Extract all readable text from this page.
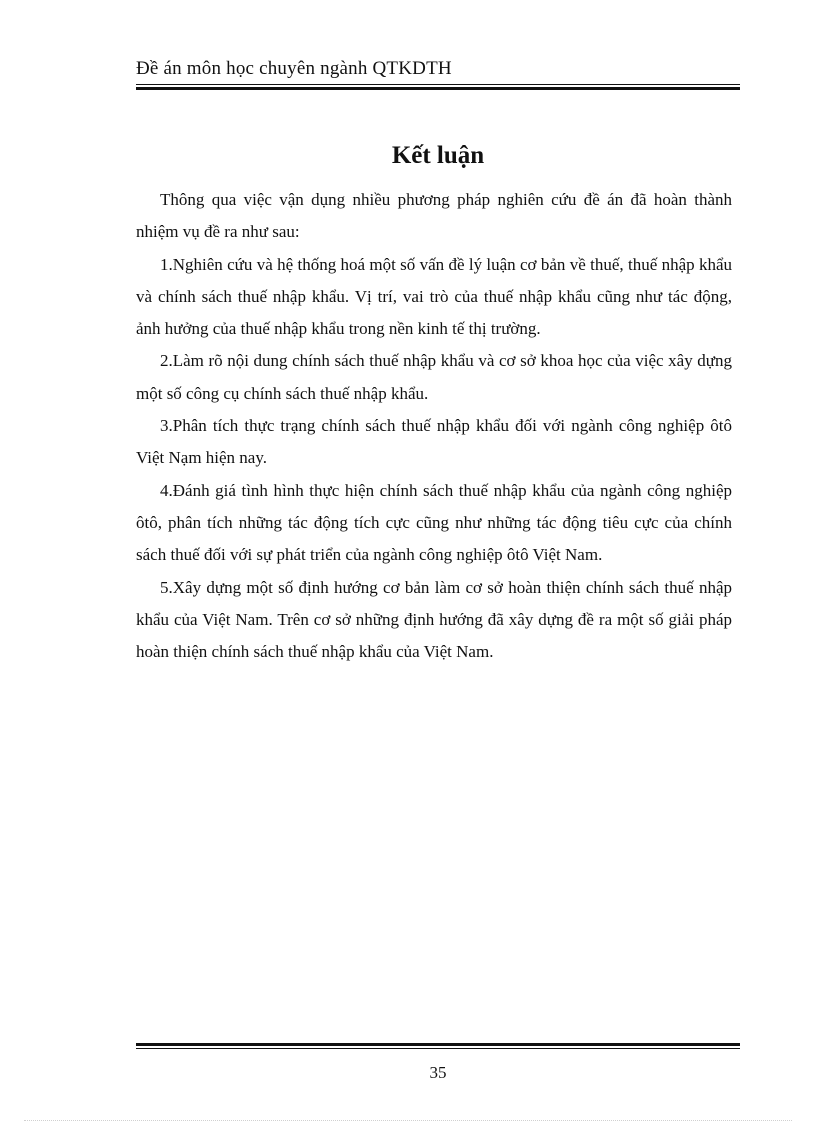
Đề án môn học chuyên ngành QTKDTH
Kết luận

Thông qua việc vận dụng nhiều phương pháp nghiên cứu đề án đã hoàn thành nhiệm vụ đề ra như sau:

1.Nghiên cứu và hệ thống hoá một số vấn đề lý luận cơ bản về thuế, thuế nhập khẩu và chính sách thuế nhập khẩu. Vị trí, vai trò của thuế nhập khẩu cũng như tác động, ảnh hưởng của thuế nhập khẩu trong nền kinh tế thị trường.

2.Làm rõ nội dung chính sách thuế nhập khẩu và cơ sở khoa học của việc xây dựng một số công cụ chính sách thuế nhập khẩu.

3.Phân tích thực trạng chính sách thuế nhập khẩu đối với ngành công nghiệp ôtô Việt Nạm hiện nay.

4.Đánh giá tình hình thực hiện chính sách thuế nhập khẩu của ngành công nghiệp ôtô, phân tích những tác động tích cực cũng như những tác động tiêu cực của chính sách thuế đối với sự phát triển của ngành công nghiệp ôtô Việt Nam.

5.Xây dựng một số định hướng cơ bản làm cơ sở hoàn thiện chính sách thuế nhập khẩu của Việt Nam. Trên cơ sở những định hướng đã xây dựng đề ra một số giải pháp hoàn thiện chính sách thuế nhập khẩu của Việt Nam.

35
